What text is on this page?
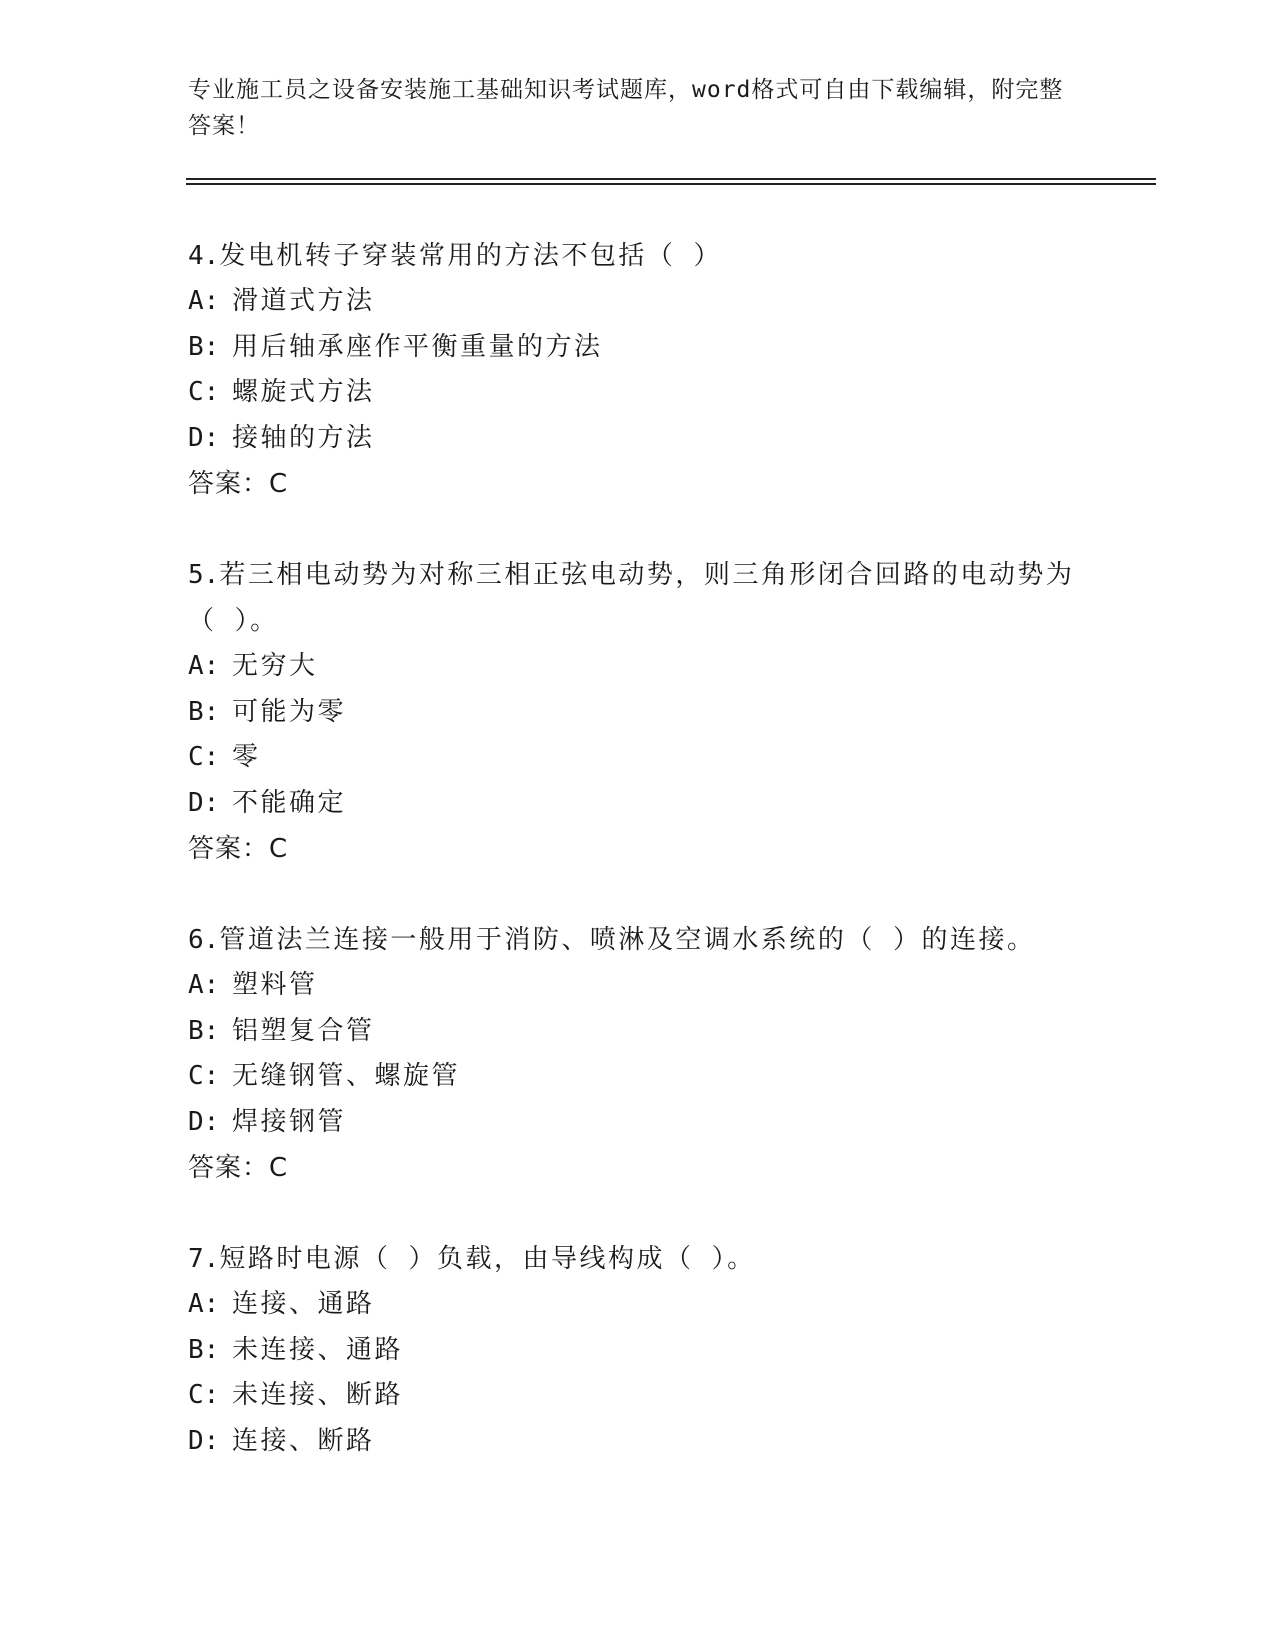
专业施工员之设备安装施工基础知识考试题库，word格式可自由下载编辑，附完整答案！

4.发电机转子穿装常用的方法不包括（ ）

A: 滑道式方法
B: 用后轴承座作平衡重量的方法
C: 螺旋式方法
D: 接轴的方法
答案：C

5.若三相电动势为对称三相正弦电动势，则三角形闭合回路的电动势为（ ）。

A: 无穷大
B: 可能为零
C: 零
D: 不能确定
答案：C

6.管道法兰连接一般用于消防、喷淋及空调水系统的（ ）的连接。

A: 塑料管
B: 铝塑复合管
C: 无缝钢管、螺旋管
D: 焊接钢管
答案：C

7.短路时电源（ ）负载，由导线构成（ ）。

A: 连接、通路
B: 未连接、通路
C: 未连接、断路
D: 连接、断路
